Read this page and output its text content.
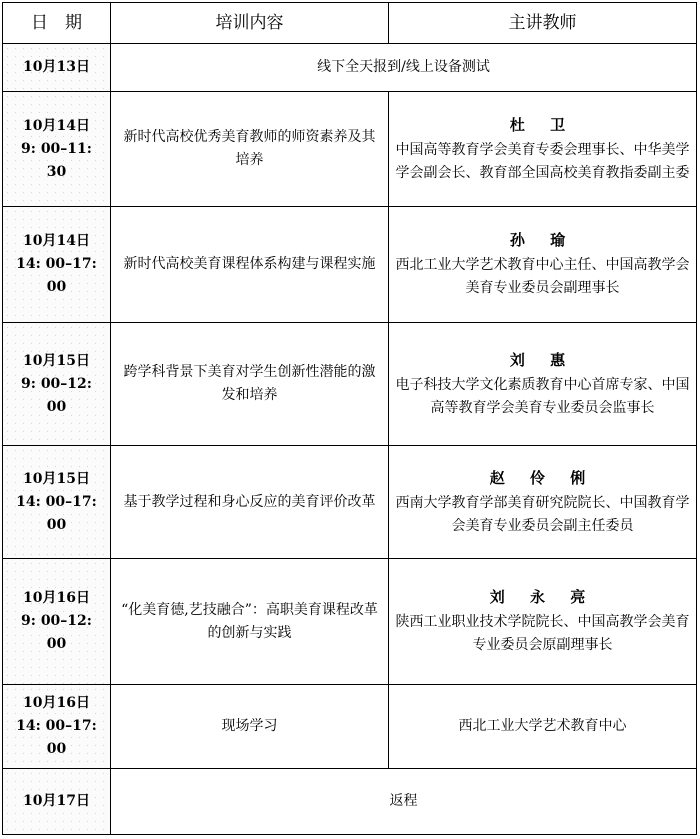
日　期	培训内容	主讲教师

10月13日	线下全天报到/线上设备测试	

10月14日
9: 00–11: 30	新时代高校优秀美育教师的师资素养及其培养	杜 卫
中国高等教育学会美育专委会理事长、中华美学学会副会长、教育部全国高校美育教指委副主委

10月14日
14: 00–17: 00	新时代高校美育课程体系构建与课程实施	孙 瑜
西北工业大学艺术教育中心主任、中国高教学会美育专业委员会副理事长

10月15日
9: 00–12: 00	跨学科背景下美育对学生创新性潜能的激发和培养	刘 惠
电子科技大学文化素质教育中心首席专家、中国高等教育学会美育专业委员会监事长

10月15日
14: 00–17: 00	基于教学过程和身心反应的美育评价改革	赵 伶 俐
西南大学教育学部美育研究院院长、中国教育学会美育专业委员会副主任委员

10月16日
9: 00–12: 00	“化美育德,艺技融合”：高职美育课程改革的创新与实践	刘 永 亮
陕西工业职业技术学院院长、中国高教学会美育专业委员会原副理事长

10月16日
14: 00–17: 00	现场学习	西北工业大学艺术教育中心

10月17日	返程	
